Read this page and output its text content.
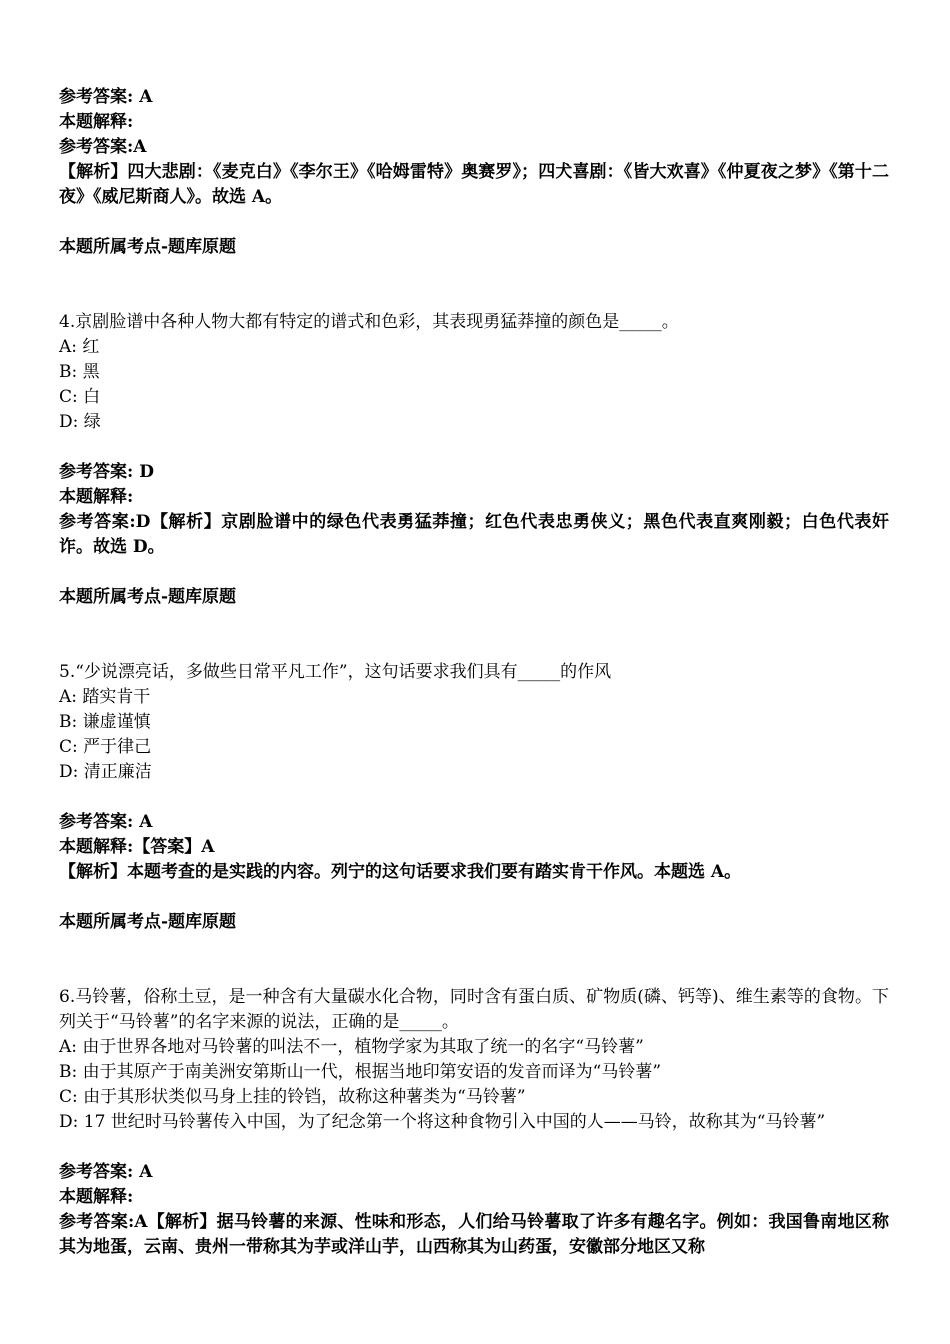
参考答案: A

本题解释:

参考答案:A

【解析】四大悲剧：《麦克白》《李尔王》《哈姆雷特》奥赛罗》；四犬喜剧：《皆大欢喜》《仲夏夜之梦》《第十二夜》《威尼斯商人》。故选 A。

本题所属考点-题库原题

4.京剧脸谱中各种人物大都有特定的谱式和色彩，其表现勇猛莽撞的颜色是_____。

A: 红

B: 黑

C: 白

D: 绿

参考答案: D

本题解释:

参考答案:D【解析】京剧脸谱中的绿色代表勇猛莽撞；红色代表忠勇侠义；黑色代表直爽刚毅；白色代表奸诈。故选 D。

本题所属考点-题库原题

5.“少说漂亮话，多做些日常平凡工作”，这句话要求我们具有_____的作风

A: 踏实肯干

B: 谦虚谨慎

C: 严于律己

D: 清正廉洁

参考答案: A

本题解释:【答案】A

【解析】本题考查的是实践的内容。列宁的这句话要求我们要有踏实肯干作风。本题选 A。

本题所属考点-题库原题

6.马铃薯，俗称土豆，是一种含有大量碳水化合物，同时含有蛋白质、矿物质(磷、钙等)、维生素等的食物。下列关于“马铃薯”的名字来源的说法，正确的是_____。

A: 由于世界各地对马铃薯的叫法不一，植物学家为其取了统一的名字“马铃薯”

B: 由于其原产于南美洲安第斯山一代，根据当地印第安语的发音而译为“马铃薯”

C: 由于其形状类似马身上挂的铃铛，故称这种薯类为“马铃薯”

D: 17 世纪时马铃薯传入中国，为了纪念第一个将这种食物引入中国的人——马铃，故称其为“马铃薯”

参考答案: A

本题解释:

参考答案:A【解析】据马铃薯的来源、性味和形态，人们给马铃薯取了许多有趣名字。例如：我国鲁南地区称其为地蛋，云南、贵州一带称其为芋或洋山芋，山西称其为山药蛋，安徽部分地区又称
